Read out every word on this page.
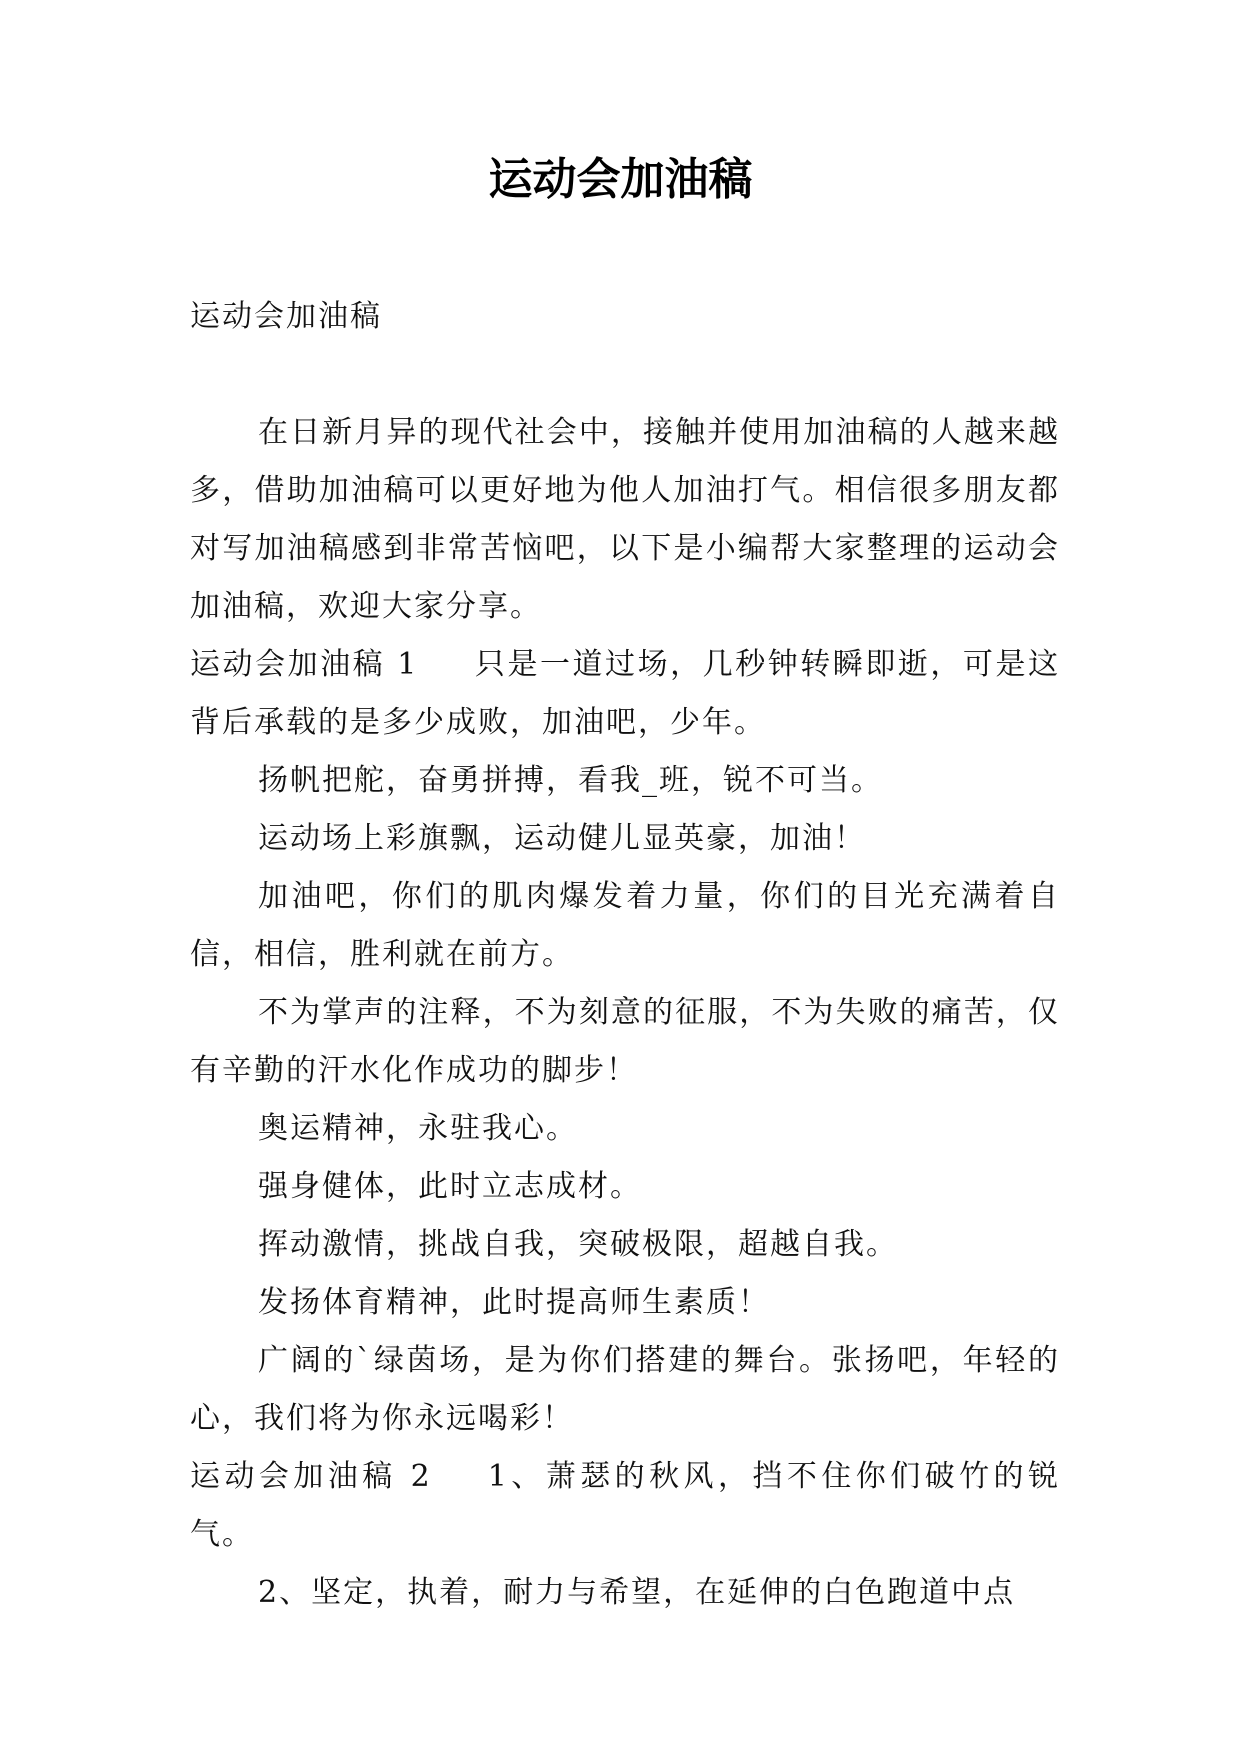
运动会加油稿

运动会加油稿

在日新月异的现代社会中，接触并使用加油稿的人越来越多，借助加油稿可以更好地为他人加油打气。相信很多朋友都对写加油稿感到非常苦恼吧，以下是小编帮大家整理的运动会加油稿，欢迎大家分享。

运动会加油稿 1 只是一道过场，几秒钟转瞬即逝，可是这背后承载的是多少成败，加油吧，少年。

扬帆把舵，奋勇拼搏，看我_班，锐不可当。

运动场上彩旗飘，运动健儿显英豪，加油！

加油吧，你们的肌肉爆发着力量，你们的目光充满着自信，相信，胜利就在前方。

不为掌声的注释，不为刻意的征服，不为失败的痛苦，仅有辛勤的汗水化作成功的脚步！

奥运精神，永驻我心。

强身健体，此时立志成材。

挥动激情，挑战自我，突破极限，超越自我。

发扬体育精神，此时提高师生素质！

广阔的`绿茵场，是为你们搭建的舞台。张扬吧，年轻的心，我们将为你永远喝彩！

运动会加油稿 2 1、萧瑟的秋风，挡不住你们破竹的锐气。

2、坚定，执着，耐力与希望，在延伸的白色跑道中点
